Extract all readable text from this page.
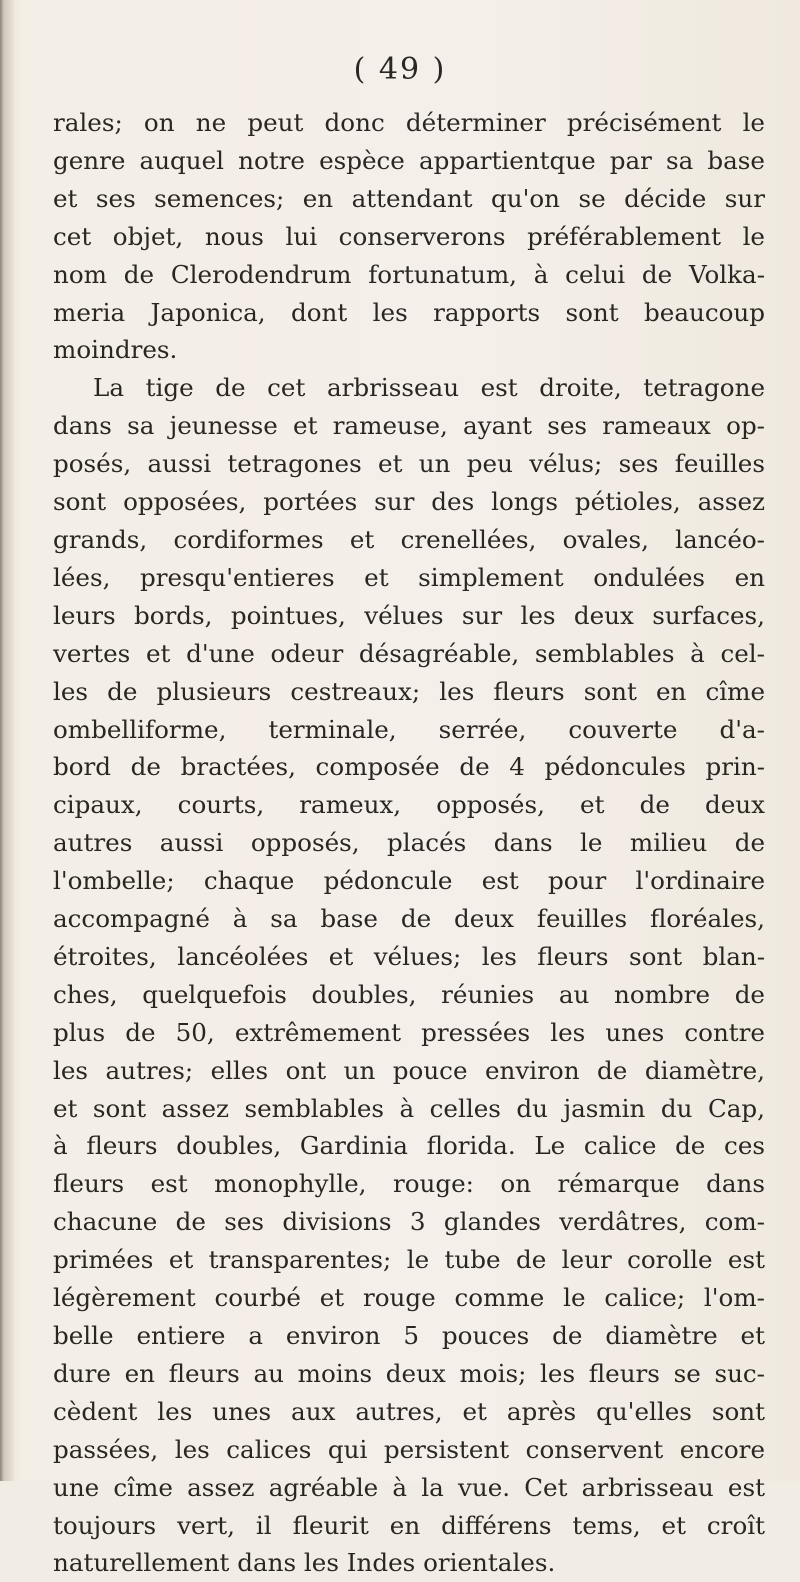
( 49 )
rales; on ne peut donc déterminer précisément le
genre auquel notre espèce appartientque par sa base
et ses semences; en attendant qu'on se décide sur
cet objet, nous lui conserverons préférablement le
nom de Clerodendrum fortunatum, à celui de Volka-
meria Japonica, dont les rapports sont beaucoup
moindres.
La tige de cet arbrisseau est droite, tetragone
dans sa jeunesse et rameuse, ayant ses rameaux op-
posés, aussi tetragones et un peu vélus; ses feuilles
sont opposées, portées sur des longs pétioles, assez
grands, cordiformes et crenellées, ovales, lancéo-
lées, presqu'entieres et simplement ondulées en
leurs bords, pointues, vélues sur les deux surfaces,
vertes et d'une odeur désagréable, semblables à cel-
les de plusieurs cestreaux; les fleurs sont en cîme
ombelliforme, terminale, serrée, couverte d'a-
bord de bractées, composée de 4 pédoncules prin-
cipaux, courts, rameux, opposés, et de deux
autres aussi opposés, placés dans le milieu de
l'ombelle; chaque pédoncule est pour l'ordinaire
accompagné à sa base de deux feuilles floréales,
étroites, lancéolées et vélues; les fleurs sont blan-
ches, quelquefois doubles, réunies au nombre de
plus de 50, extrêmement pressées les unes contre
les autres; elles ont un pouce environ de diamètre,
et sont assez semblables à celles du jasmin du Cap,
à fleurs doubles, Gardinia florida. Le calice de ces
fleurs est monophylle, rouge: on rémarque dans
chacune de ses divisions 3 glandes verdâtres, com-
primées et transparentes; le tube de leur corolle est
légèrement courbé et rouge comme le calice; l'om-
belle entiere a environ 5 pouces de diamètre et
dure en fleurs au moins deux mois; les fleurs se suc-
cèdent les unes aux autres, et après qu'elles sont
passées, les calices qui persistent conservent encore
une cîme assez agréable à la vue. Cet arbrisseau est
toujours vert, il fleurit en différens tems, et croît
naturellement dans les Indes orientales.
